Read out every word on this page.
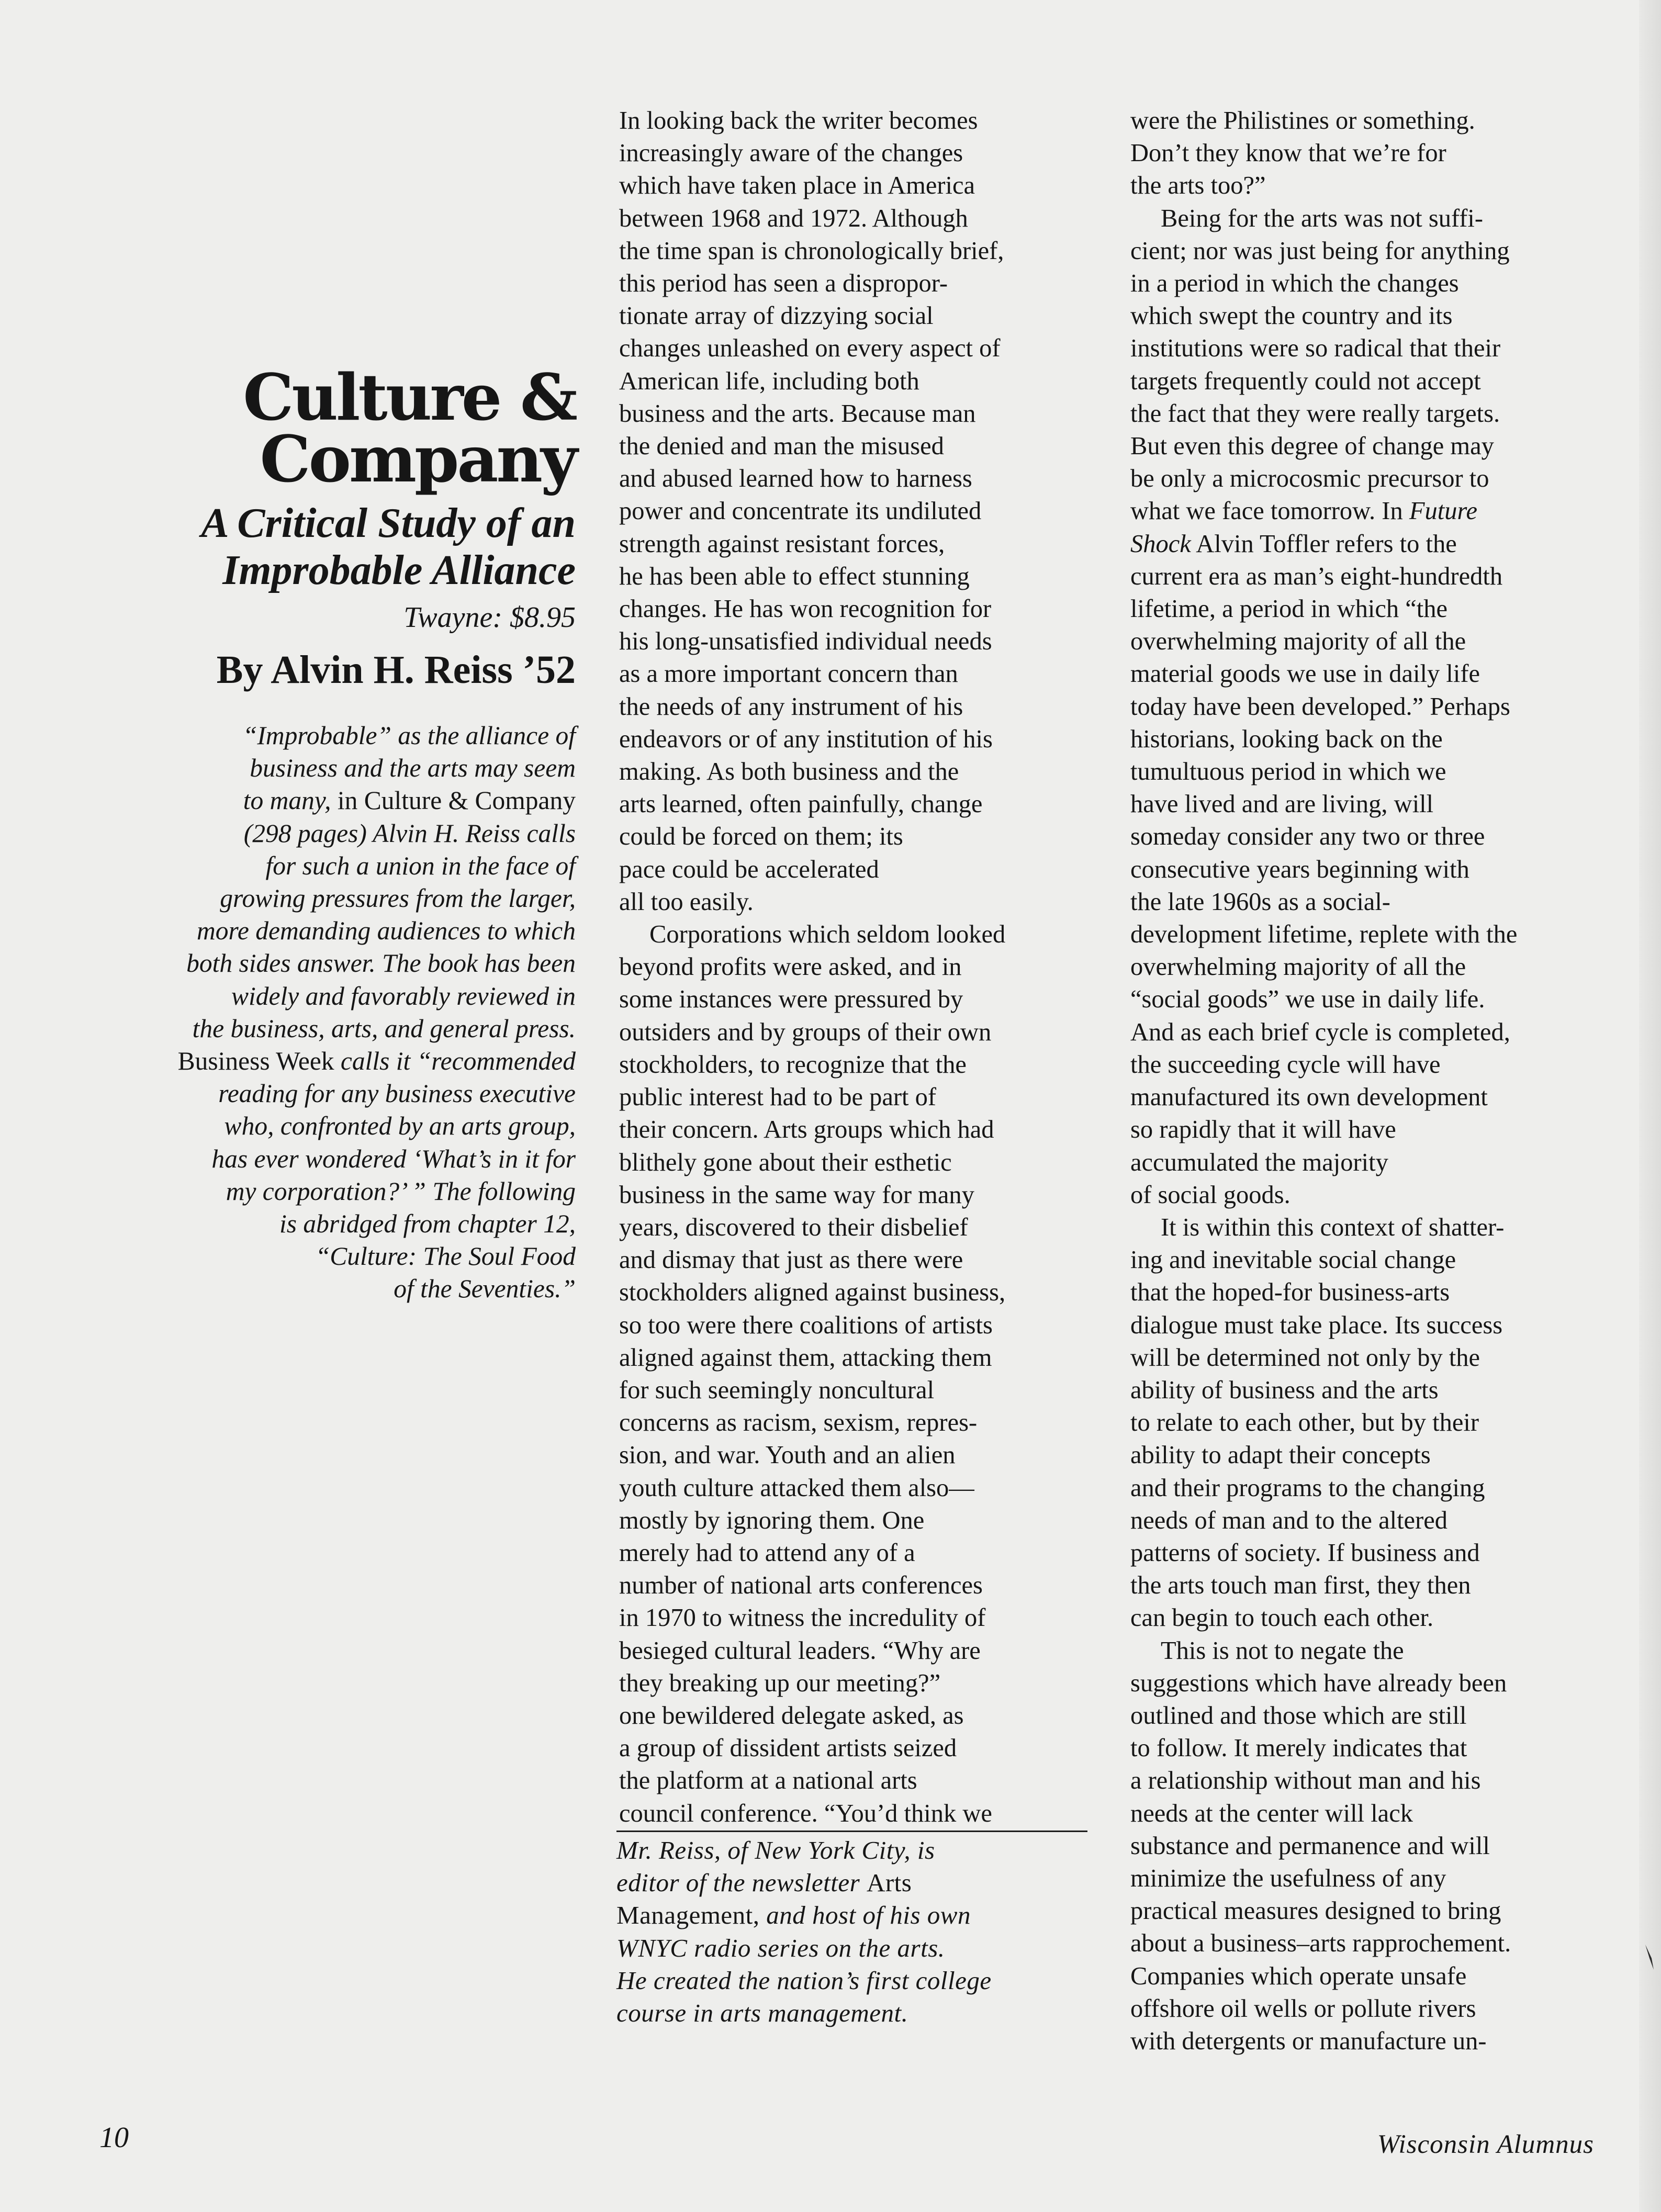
Culture &
Company
A Critical Study of an
Improbable Alliance
Twayne: $8.95
By Alvin H. Reiss ’52
“Improbable” as the alliance of
business and the arts may seem
to many, in Culture & Company
(298 pages) Alvin H. Reiss calls
for such a union in the face of
growing pressures from the larger,
more demanding audiences to which
both sides answer. The book has been
widely and favorably reviewed in
the business, arts, and general press.
Business Week calls it “recommended
reading for any business executive
who, confronted by an arts group,
has ever wondered ‘What’s in it for
my corporation?’ ” The following
is abridged from chapter 12,
“Culture: The Soul Food
of the Seventies.”

In looking back the writer becomes
increasingly aware of the changes
which have taken place in America
between 1968 and 1972. Although
the time span is chronologically brief,
this period has seen a dispropor-
tionate array of dizzying social
changes unleashed on every aspect of
American life, including both
business and the arts. Because man
the denied and man the misused
and abused learned how to harness
power and concentrate its undiluted
strength against resistant forces,
he has been able to effect stunning
changes. He has won recognition for
his long-unsatisfied individual needs
as a more important concern than
the needs of any instrument of his
endeavors or of any institution of his
making. As both business and the
arts learned, often painfully, change
could be forced on them; its
pace could be accelerated
all too easily.

Corporations which seldom looked
beyond profits were asked, and in
some instances were pressured by
outsiders and by groups of their own
stockholders, to recognize that the
public interest had to be part of
their concern. Arts groups which had
blithely gone about their esthetic
business in the same way for many
years, discovered to their disbelief
and dismay that just as there were
stockholders aligned against business,
so too were there coalitions of artists
aligned against them, attacking them
for such seemingly noncultural
concerns as racism, sexism, repres-
sion, and war. Youth and an alien
youth culture attacked them also—
mostly by ignoring them. One
merely had to attend any of a
number of national arts conferences
in 1970 to witness the incredulity of
besieged cultural leaders. “Why are
they breaking up our meeting?”
one bewildered delegate asked, as
a group of dissident artists seized
the platform at a national arts
council conference. “You’d think we

Mr. Reiss, of New York City, is
editor of the newsletter Arts
Management, and host of his own
WNYC radio series on the arts.
He created the nation’s first college
course in arts management.

were the Philistines or something.
Don’t they know that we’re for
the arts too?”

Being for the arts was not suffi-
cient; nor was just being for anything
in a period in which the changes
which swept the country and its
institutions were so radical that their
targets frequently could not accept
the fact that they were really targets.
But even this degree of change may
be only a microcosmic precursor to
what we face tomorrow. In Future
Shock Alvin Toffler refers to the
current era as man’s eight-hundredth
lifetime, a period in which “the
overwhelming majority of all the
material goods we use in daily life
today have been developed.” Perhaps
historians, looking back on the
tumultuous period in which we
have lived and are living, will
someday consider any two or three
consecutive years beginning with
the late 1960s as a social-
development lifetime, replete with the
overwhelming majority of all the
“social goods” we use in daily life.
And as each brief cycle is completed,
the succeeding cycle will have
manufactured its own development
so rapidly that it will have
accumulated the majority
of social goods.

It is within this context of shatter-
ing and inevitable social change
that the hoped-for business-arts
dialogue must take place. Its success
will be determined not only by the
ability of business and the arts
to relate to each other, but by their
ability to adapt their concepts
and their programs to the changing
needs of man and to the altered
patterns of society. If business and
the arts touch man first, they then
can begin to touch each other.

This is not to negate the
suggestions which have already been
outlined and those which are still
to follow. It merely indicates that
a relationship without man and his
needs at the center will lack
substance and permanence and will
minimize the usefulness of any
practical measures designed to bring
about a business–arts rapprochement.
Companies which operate unsafe
offshore oil wells or pollute rivers
with detergents or manufacture un-

10	Wisconsin Alumnus
